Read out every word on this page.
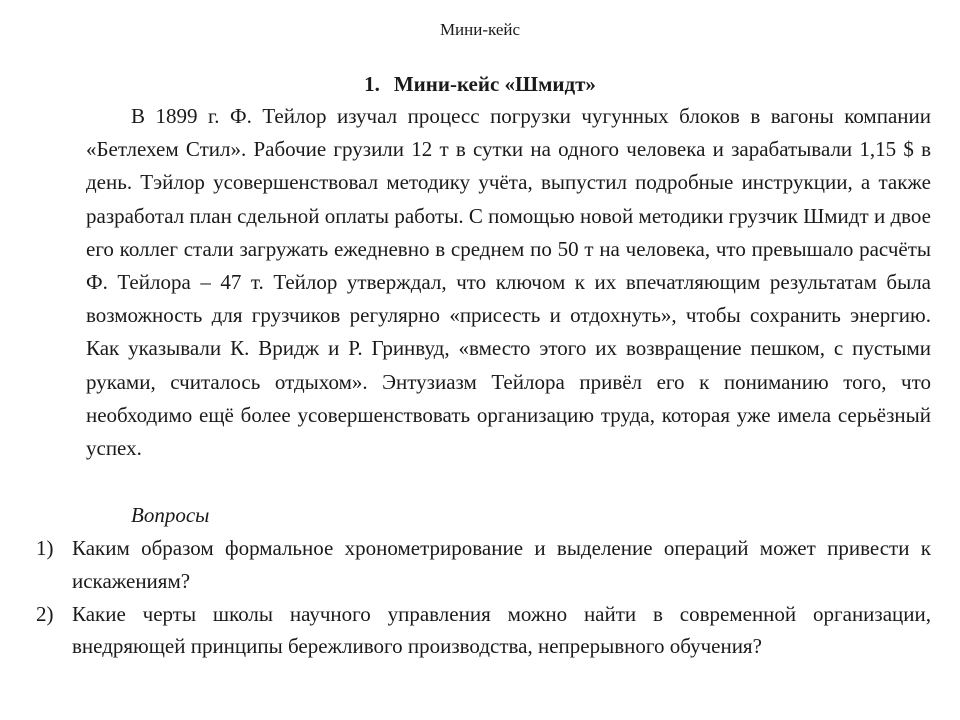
Мини-кейс
1. Мини-кейс «Шмидт»

В 1899 г. Ф. Тейлор изучал процесс погрузки чугунных блоков в вагоны компании «Бетлехем Стил». Рабочие грузили 12 т в сутки на одного человека и зарабатывали 1,15 $ в день. Тэйлор усовершенствовал методику учёта, выпустил подробные инструкции, а также разработал план сдельной оплаты работы. С помощью новой методики грузчик Шмидт и двое его коллег стали загружать ежедневно в среднем по 50 т на человека, что превышало расчёты Ф. Тейлора – 47 т. Тейлор утверждал, что ключом к их впечатляющим результатам была возможность для грузчиков регулярно «присесть и отдохнуть», чтобы сохранить энергию. Как указывали К. Вридж и Р. Гринвуд, «вместо этого их возвращение пешком, с пустыми руками, считалось отдыхом». Энтузиазм Тейлора привёл его к пониманию того, что необходимо ещё более усовершенствовать организацию труда, которая уже имела серьёзный успех.

Вопросы
1) Каким образом формальное хронометрирование и выделение операций может привести к искажениям?
2) Какие черты школы научного управления можно найти в современной организации, внедряющей принципы бережливого производства, непрерывного обучения?
